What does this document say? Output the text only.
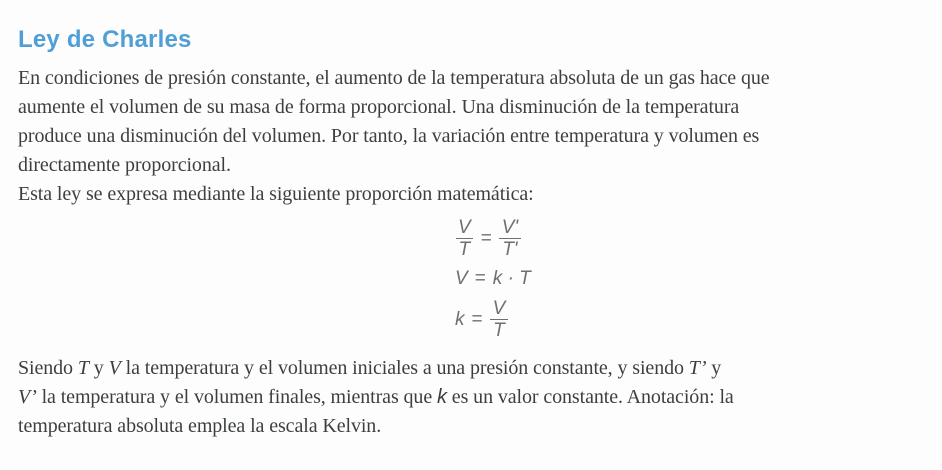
Ley de Charles
En condiciones de presión constante, el aumento de la temperatura absoluta de un gas hace que
aumente el volumen de su masa de forma proporcional. Una disminución de la temperatura
produce una disminución del volumen. Por tanto, la variación entre temperatura y volumen es
directamente proporcional.
Esta ley se expresa mediante la siguiente proporción matemática:
$\frac{V}{T} = \frac{V'}{T'}$
V = k · T
$k = \frac{V}{T}$
Siendo T y V la temperatura y el volumen iniciales a una presión constante, y siendo T’ y
V’ la temperatura y el volumen finales, mientras que k es un valor constante. Anotación: la
temperatura absoluta emplea la escala Kelvin.
